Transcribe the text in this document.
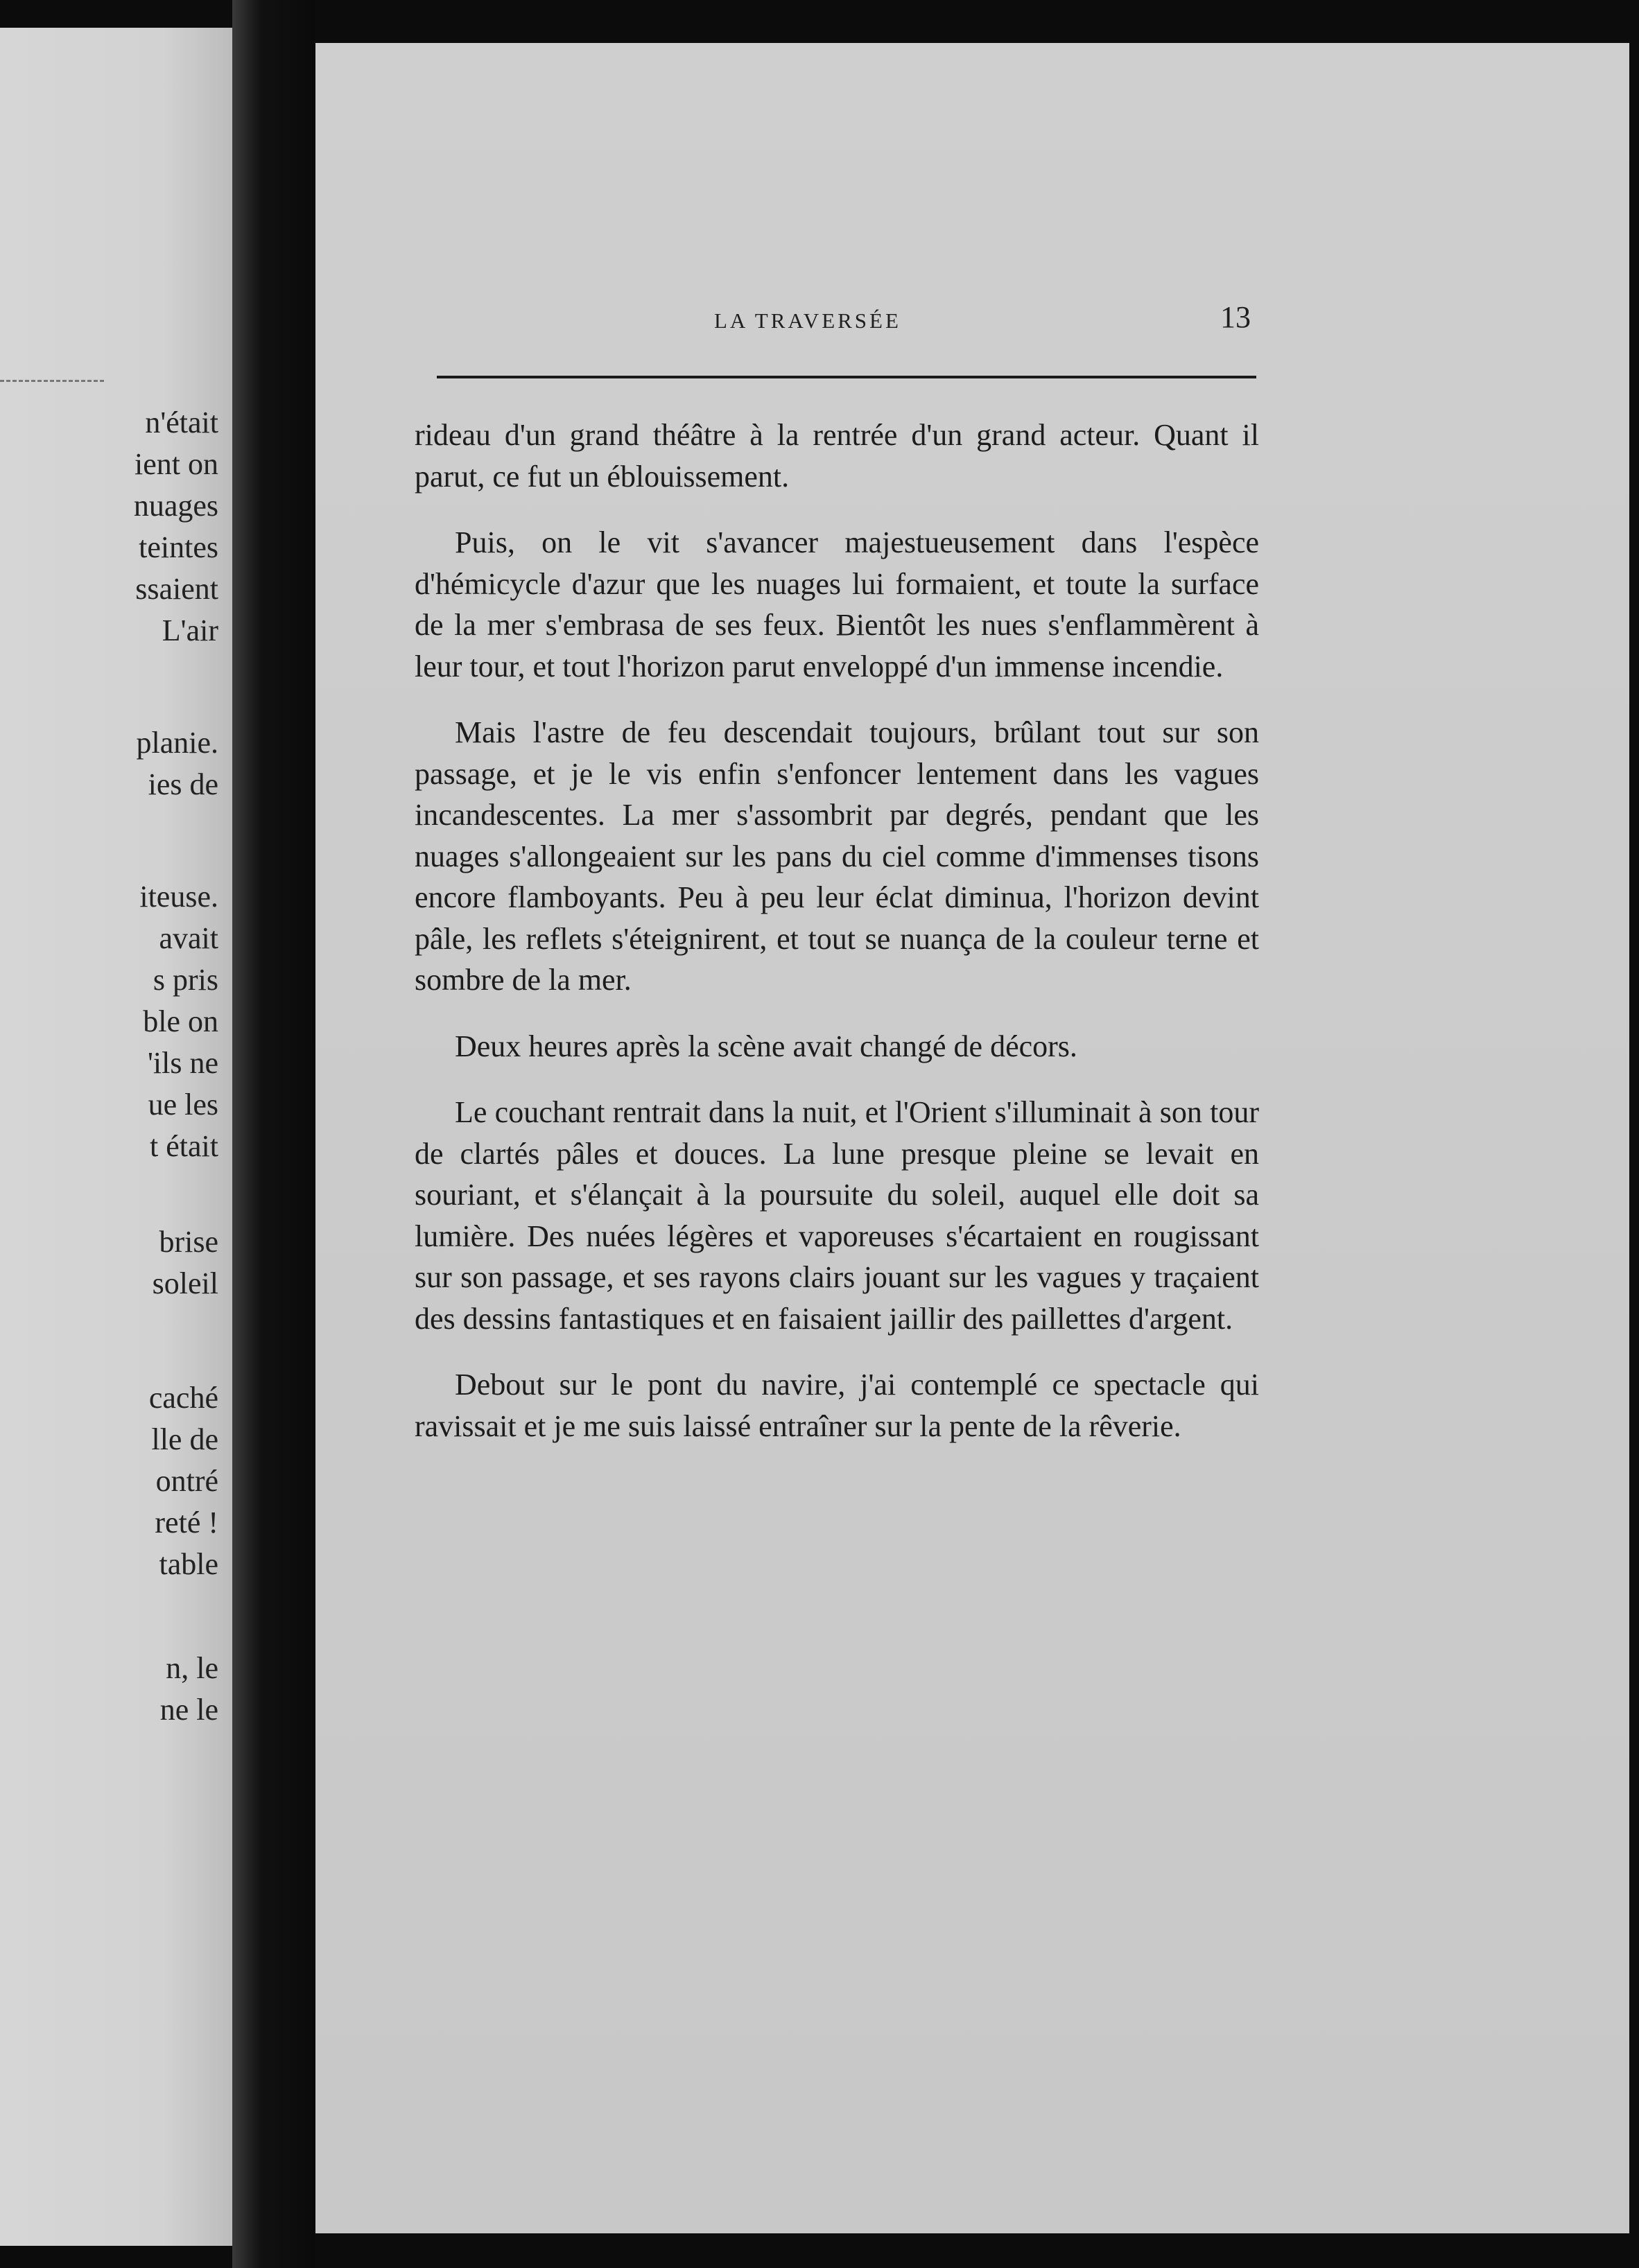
n'était
ient on
nuages
teintes
ssaient
L'air
planie.
ies de
iteuse.
avait
s pris
ble on
'ils ne
ue les
t était
brise
soleil
caché
lle de
ontré
reté !
table
n, le
ne le
LA TRAVERSÉE	13

rideau d'un grand théâtre à la rentrée d'un grand acteur. Quant il parut, ce fut un éblouissement.

Puis, on le vit s'avancer majestueusement dans l'espèce d'hémicycle d'azur que les nuages lui formaient, et toute la surface de la mer s'embrasa de ses feux. Bientôt les nues s'enflammèrent à leur tour, et tout l'horizon parut enveloppé d'un immense incendie.

Mais l'astre de feu descendait toujours, brûlant tout sur son passage, et je le vis enfin s'enfoncer lentement dans les vagues incandescentes. La mer s'assombrit par degrés, pendant que les nuages s'allongeaient sur les pans du ciel comme d'immenses tisons encore flamboyants. Peu à peu leur éclat diminua, l'horizon devint pâle, les reflets s'éteignirent, et tout se nuança de la couleur terne et sombre de la mer.

Deux heures après la scène avait changé de décors.

Le couchant rentrait dans la nuit, et l'Orient s'illuminait à son tour de clartés pâles et douces. La lune presque pleine se levait en souriant, et s'élançait à la poursuite du soleil, auquel elle doit sa lumière. Des nuées légères et vaporeuses s'écartaient en rougissant sur son passage, et ses rayons clairs jouant sur les vagues y traçaient des dessins fantastiques et en faisaient jaillir des paillettes d'argent.

Debout sur le pont du navire, j'ai contemplé ce spectacle qui ravissait et je me suis laissé entraîner sur la pente de la rêverie.
